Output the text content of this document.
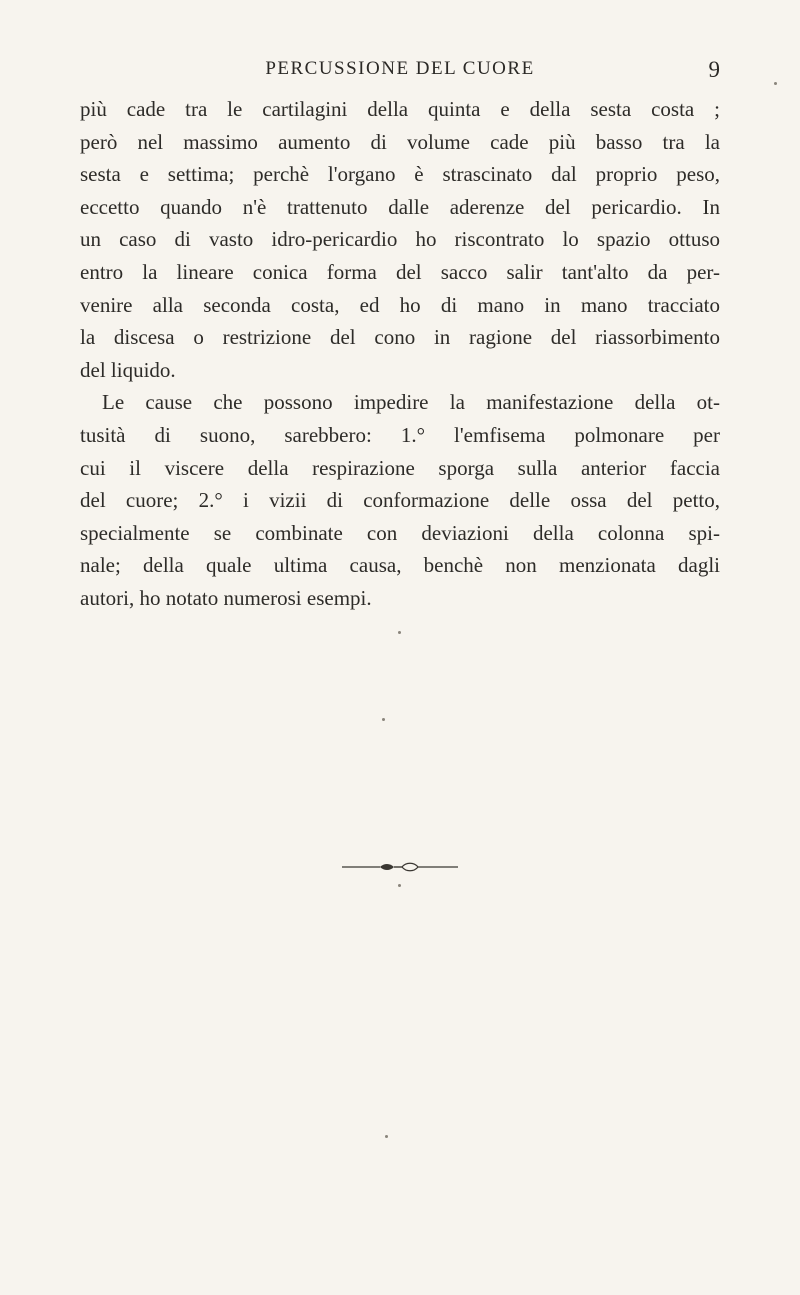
PERCUSSIONE DEL CUORE	9
più cade tra le cartilagini della quinta e della sesta costa ;
però nel massimo aumento di volume cade più basso tra la
sesta e settima; perchè l'organo è strascinato dal proprio peso,
eccetto quando n'è trattenuto dalle aderenze del pericardio. In
un caso di vasto idro-pericardio ho riscontrato lo spazio ottuso
entro la lineare conica forma del sacco salir tant'alto da per-
venire alla seconda costa, ed ho di mano in mano tracciato
la discesa o restrizione del cono in ragione del riassorbimento
del liquido.
Le cause che possono impedire la manifestazione della ot-
tusità di suono, sarebbero: 1.° l'emfisema polmonare per
cui il viscere della respirazione sporga sulla anterior faccia
del cuore; 2.° i vizii di conformazione delle ossa del petto,
specialmente se combinate con deviazioni della colonna spi-
nale; della quale ultima causa, benchè non menzionata dagli
autori, ho notato numerosi esempi.
